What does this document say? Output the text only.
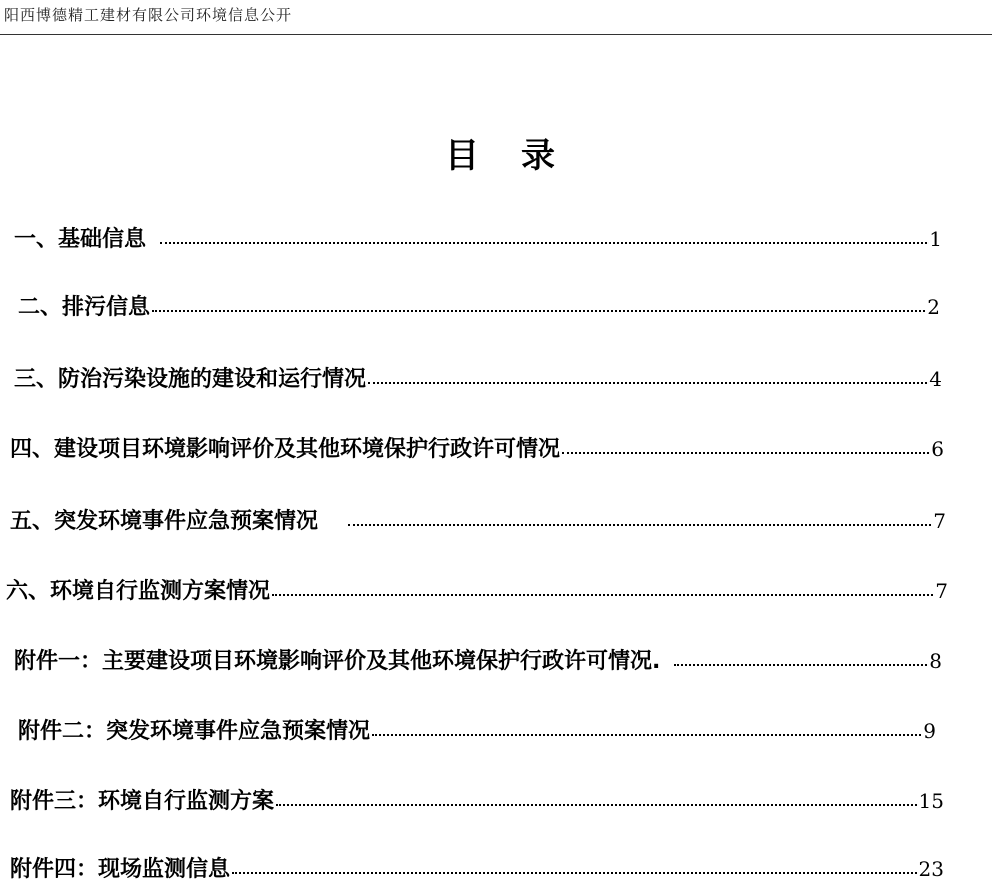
阳西博德精工建材有限公司环境信息公开
目录
一、基础信息	1
二、排污信息	2
三、防治污染设施的建设和运行情况	4
四、建设项目环境影响评价及其他环境保护行政许可情况	6
五、突发环境事件应急预案情况	7
六、环境自行监测方案情况	7
附件一：主要建设项目环境影响评价及其他环境保护行政许可情况.	8
附件二：突发环境事件应急预案情况	9
附件三：环境自行监测方案	15
附件四：现场监测信息	23
